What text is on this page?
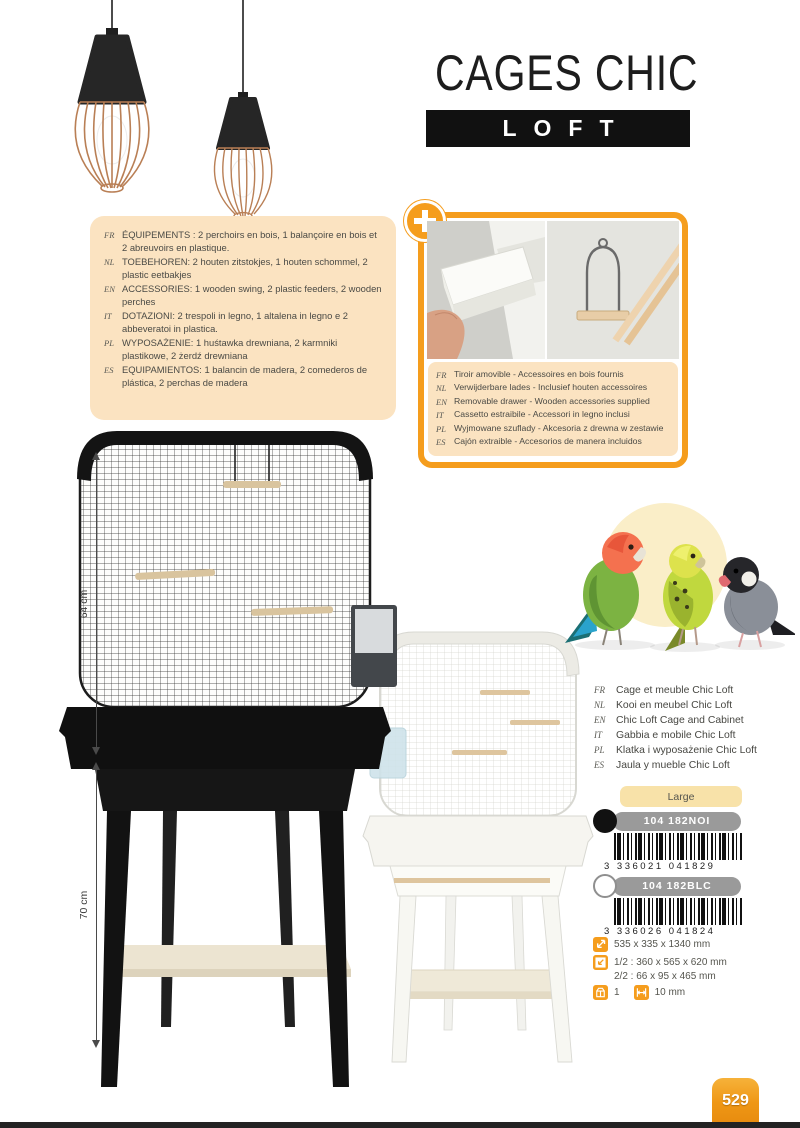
CAGES CHIC
LOFT
FR ÉQUIPEMENTS : 2 perchoirs en bois, 1 balançoire en bois et 2 abreuvoirs en plastique.
NL TOEBEHOREN: 2 houten zitstokjes, 1 houten schommel, 2 plastic eetbakjes
EN ACCESSORIES: 1 wooden swing, 2 plastic feeders, 2 wooden perches
IT	DOTAZIONI: 2 trespoli in legno, 1 altalena in legno e 2 abbeveratoi in plastica.
PL WYPOSAŻENIE: 1 huśtawka drewniana, 2 karmniki plastikowe, 2 żerdź drewniana
ES EQUIPAMIENTOS: 1 balancin de madera, 2 comederos de plástica, 2 perchas de madera
FR Tiroir amovible - Accessoires en bois fournis
NL Verwijderbare lades - Inclusief houten accessoires
EN Removable drawer - Wooden accessories supplied
IT	Cassetto estraibile - Accessori in legno inclusi
PL Wyjmowane szuflady - Akcesoria z drewna w zestawie
ES Cajón extraible - Accesorios de manera incluidos
64 cm
70 cm
FR	Cage et meuble Chic Loft
NL	Kooi en meubel Chic Loft
EN	Chic Loft Cage and Cabinet
IT	Gabbia e mobile Chic Loft
PL	Klatka i wyposażenie Chic Loft
ES	Jaula y mueble Chic Loft
Large
104 182NOI
3 336021 041829
104 182BLC
3 336026 041824
535 x 335 x 1340 mm
1/2 : 360 x 565 x 620 mm
2/2 : 66 x 95 x 465 mm
1	10 mm
529
